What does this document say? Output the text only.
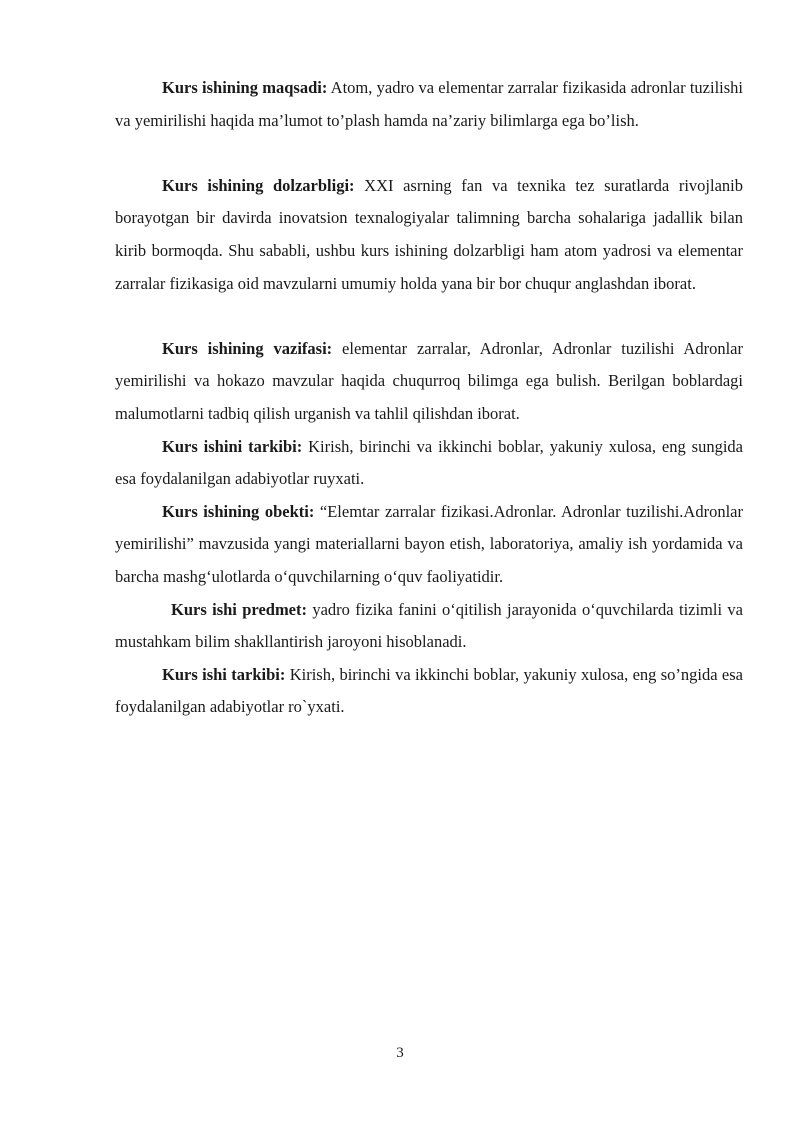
Kurs ishining maqsadi: Atom, yadro va elementar zarralar fizikasida adronlar tuzilishi va yemirilishi haqida ma’lumot to’plash hamda na’zariy bilimlarga ega bo’lish.

Kurs ishining dolzarbligi: XXI asrning fan va texnika tez suratlarda rivojlanib borayotgan bir davirda inovatsion texnalogiyalar talimning barcha sohalariga jadallik bilan kirib bormoqda. Shu sababli, ushbu kurs ishining dolzarbligi ham atom yadrosi va elementar zarralar fizikasiga oid mavzularni umumiy holda yana bir bor chuqur anglashdan iborat.

Kurs ishining vazifasi: elementar zarralar, Adronlar, Adronlar tuzilishi Adronlar yemirilishi va hokazo mavzular haqida chuqurroq bilimga ega bulish. Berilgan boblardagi malumotlarni tadbiq qilish urganish va tahlil qilishdan iborat.

Kurs ishini tarkibi: Kirish, birinchi va ikkinchi boblar, yakuniy xulosa, eng sungida esa foydalanilgan adabiyotlar ruyxati.

Kurs ishining obekti: “Elemtar zarralar fizikasi.Adronlar. Adronlar tuzilishi.Adronlar yemirilishi” mavzusida yangi materiallarni bayon etish, laboratoriya, amaliy ish yordamida va barcha mashg‘ulotlarda o‘quvchilarning o‘quv faoliyatidir.

Kurs ishi predmet: yadro fizika fanini o‘qitilish jarayonida o‘quvchilarda tizimli va mustahkam bilim shakllantirish jaroyoni hisoblanadi.

Kurs ishi tarkibi: Kirish, birinchi va ikkinchi boblar, yakuniy xulosa, eng so’ngida esa foydalanilgan adabiyotlar ro`yxati.

3
